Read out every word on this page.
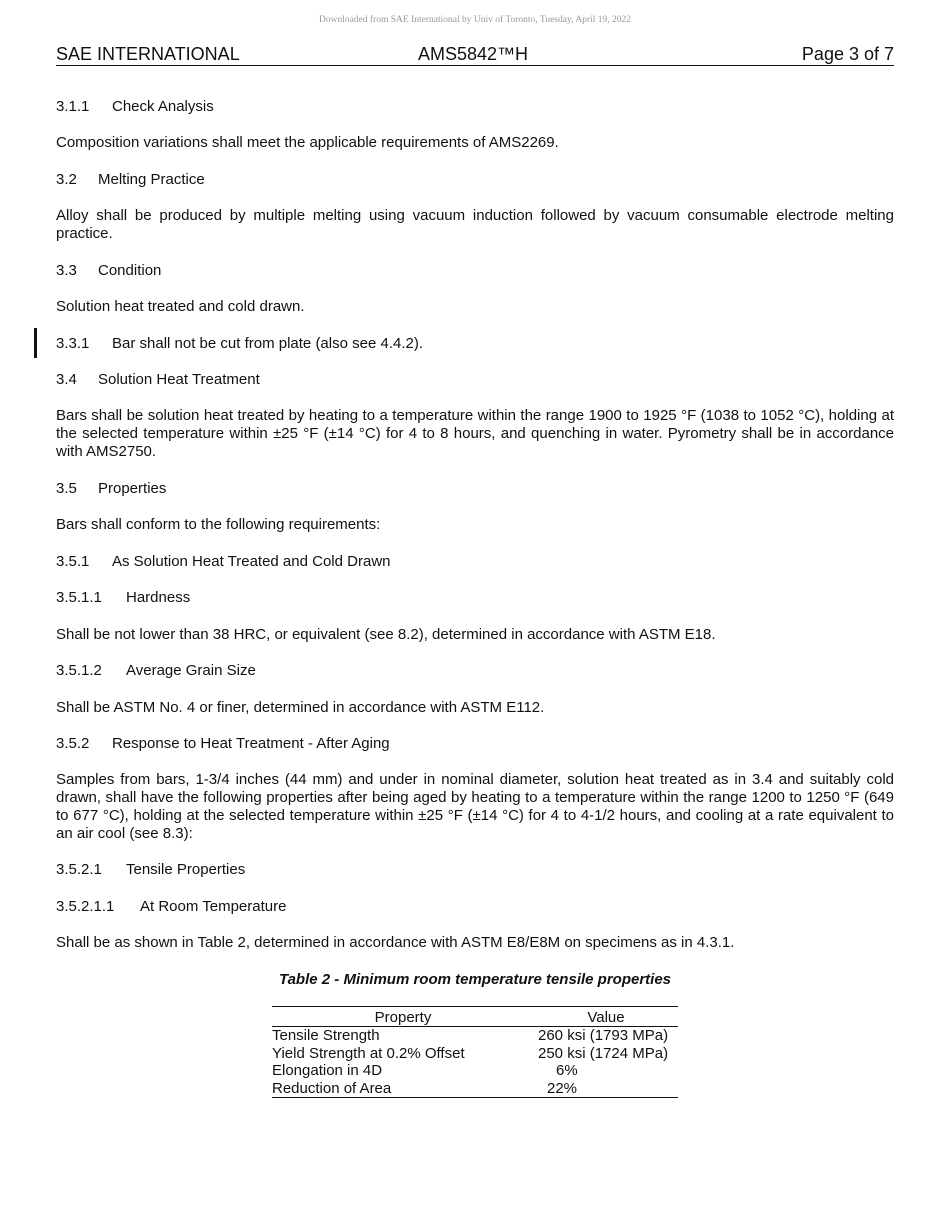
Downloaded from SAE International by Univ of Toronto, Tuesday, April 19, 2022
SAE INTERNATIONAL	AMS5842™H	Page 3 of 7
3.1.1 Check Analysis
Composition variations shall meet the applicable requirements of AMS2269.
3.2 Melting Practice
Alloy shall be produced by multiple melting using vacuum induction followed by vacuum consumable electrode melting practice.
3.3 Condition
Solution heat treated and cold drawn.
3.3.1 Bar shall not be cut from plate (also see 4.4.2).
3.4 Solution Heat Treatment
Bars shall be solution heat treated by heating to a temperature within the range 1900 to 1925 °F (1038 to 1052 °C), holding at the selected temperature within ±25 °F (±14 °C) for 4 to 8 hours, and quenching in water. Pyrometry shall be in accordance with AMS2750.
3.5 Properties
Bars shall conform to the following requirements:
3.5.1 As Solution Heat Treated and Cold Drawn
3.5.1.1 Hardness
Shall be not lower than 38 HRC, or equivalent (see 8.2), determined in accordance with ASTM E18.
3.5.1.2 Average Grain Size
Shall be ASTM No. 4 or finer, determined in accordance with ASTM E112.
3.5.2 Response to Heat Treatment - After Aging
Samples from bars, 1-3/4 inches (44 mm) and under in nominal diameter, solution heat treated as in 3.4 and suitably cold drawn, shall have the following properties after being aged by heating to a temperature within the range 1200 to 1250 °F (649 to 677 °C), holding at the selected temperature within ±25 °F (±14 °C) for 4 to 4-1/2 hours, and cooling at a rate equivalent to an air cool (see 8.3):
3.5.2.1 Tensile Properties
3.5.2.1.1 At Room Temperature
Shall be as shown in Table 2, determined in accordance with ASTM E8/E8M on specimens as in 4.3.1.
Table 2 - Minimum room temperature tensile properties
Property	Value
Tensile Strength	260 ksi (1793 MPa)
Yield Strength at 0.2% Offset	250 ksi (1724 MPa)
Elongation in 4D	6%
Reduction of Area	22%
